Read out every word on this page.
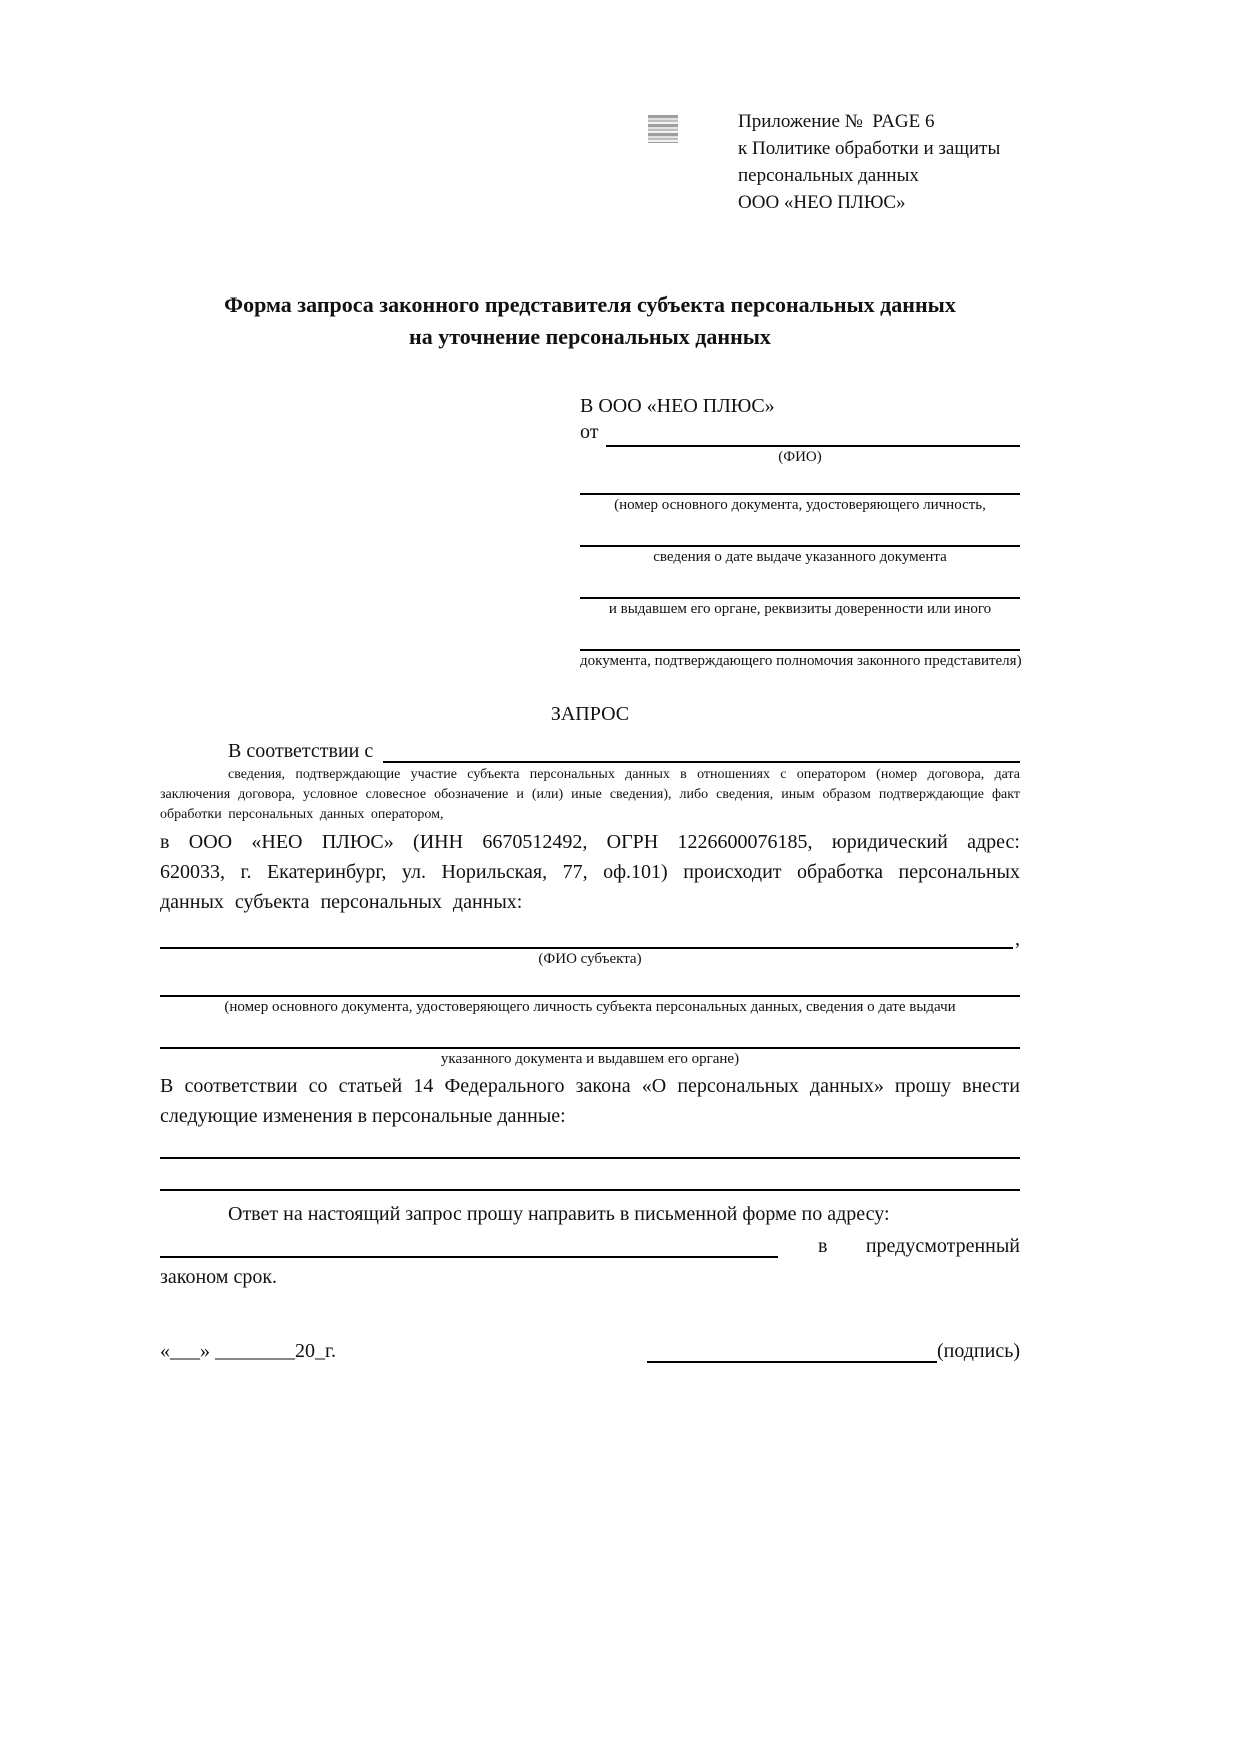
Приложение №  PAGE 6
к Политике обработки и защиты
персональных данных
ООО «НЕО ПЛЮС»
Форма запроса законного представителя субъекта персональных данных
на уточнение персональных данных
В ООО «НЕО ПЛЮС»
от
(ФИО)
(номер основного документа, удостоверяющего личность,
сведения о дате выдаче указанного документа
и выдавшем его органе, реквизиты доверенности или иного
документа, подтверждающего полномочия законного представителя)
ЗАПРОС
В соответствии с

сведения, подтверждающие участие субъекта персональных данных в отношениях с оператором (номер договора, дата заключения договора, условное словесное обозначение и (или) иные сведения), либо сведения, иным образом подтверждающие факт обработки персональных данных оператором,

в ООО «НЕО ПЛЮС» (ИНН 6670512492, ОГРН 1226600076185, юридический адрес: 620033, г. Екатеринбург, ул. Норильская, 77, оф.101) происходит обработка персональных данных субъекта персональных данных:

,
(ФИО субъекта)
(номер основного документа, удостоверяющего личность субъекта персональных данных, сведения о дате выдачи
указанного документа и выдавшем его органе)

В соответствии со статьей 14 Федерального закона «О персональных данных» прошу внести следующие изменения в персональные данные:

Ответ на настоящий запрос прошу направить в письменной форме по адресу:
в предусмотренный
законом срок.
«___» ________20_г.	(подпись)
